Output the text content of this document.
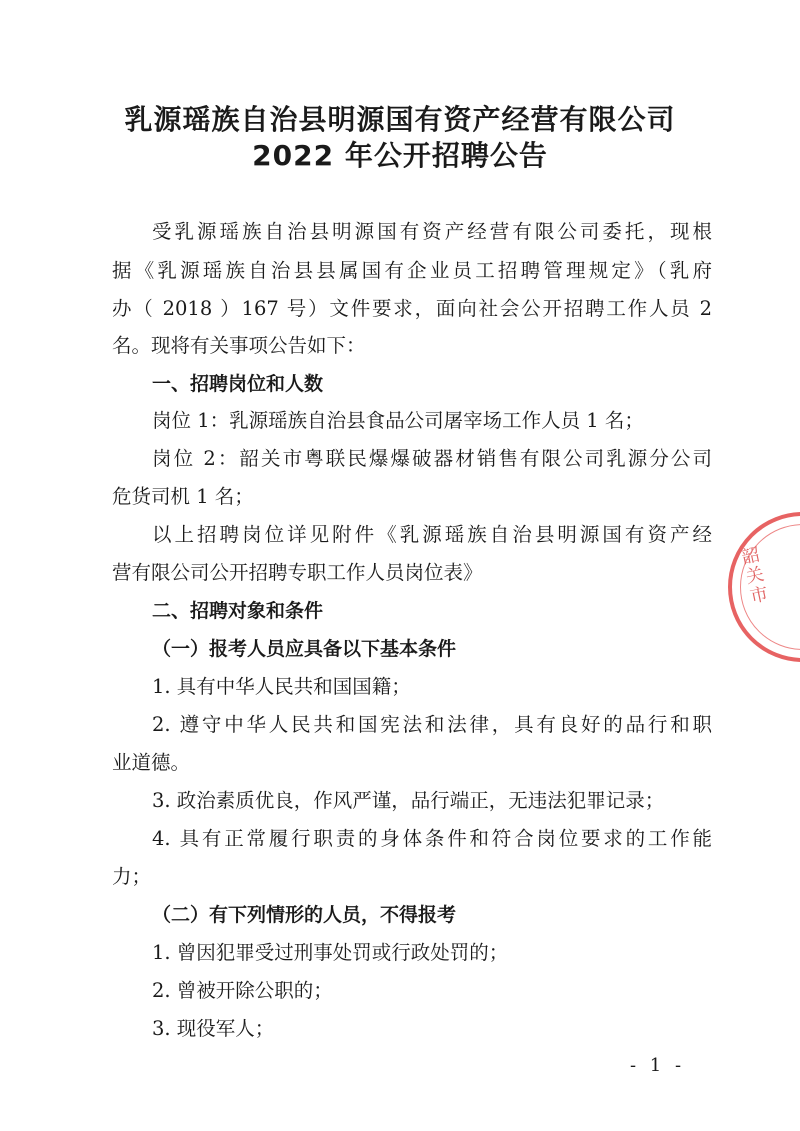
乳源瑶族自治县明源国有资产经营有限公司
2022 年公开招聘公告
受乳源瑶族自治县明源国有资产经营有限公司委托，现根
据《乳源瑶族自治县县属国有企业员工招聘管理规定》（乳府
办（ 2018 ）167 号）文件要求，面向社会公开招聘工作人员 2
名。现将有关事项公告如下：
一、招聘岗位和人数
岗位 1：乳源瑶族自治县食品公司屠宰场工作人员 1 名；
岗位 2：韶关市粤联民爆爆破器材销售有限公司乳源分公司
危货司机 1 名；
以上招聘岗位详见附件《乳源瑶族自治县明源国有资产经
营有限公司公开招聘专职工作人员岗位表》
二、招聘对象和条件
（一）报考人员应具备以下基本条件
1. 具有中华人民共和国国籍；
2. 遵守中华人民共和国宪法和法律，具有良好的品行和职
业道德。
3. 政治素质优良，作风严谨，品行端正，无违法犯罪记录；
4. 具有正常履行职责的身体条件和符合岗位要求的工作能
力；
（二）有下列情形的人员，不得报考
1. 曾因犯罪受过刑事处罚或行政处罚的；
2. 曾被开除公职的；
3. 现役军人；
- 1 -
韶关市
